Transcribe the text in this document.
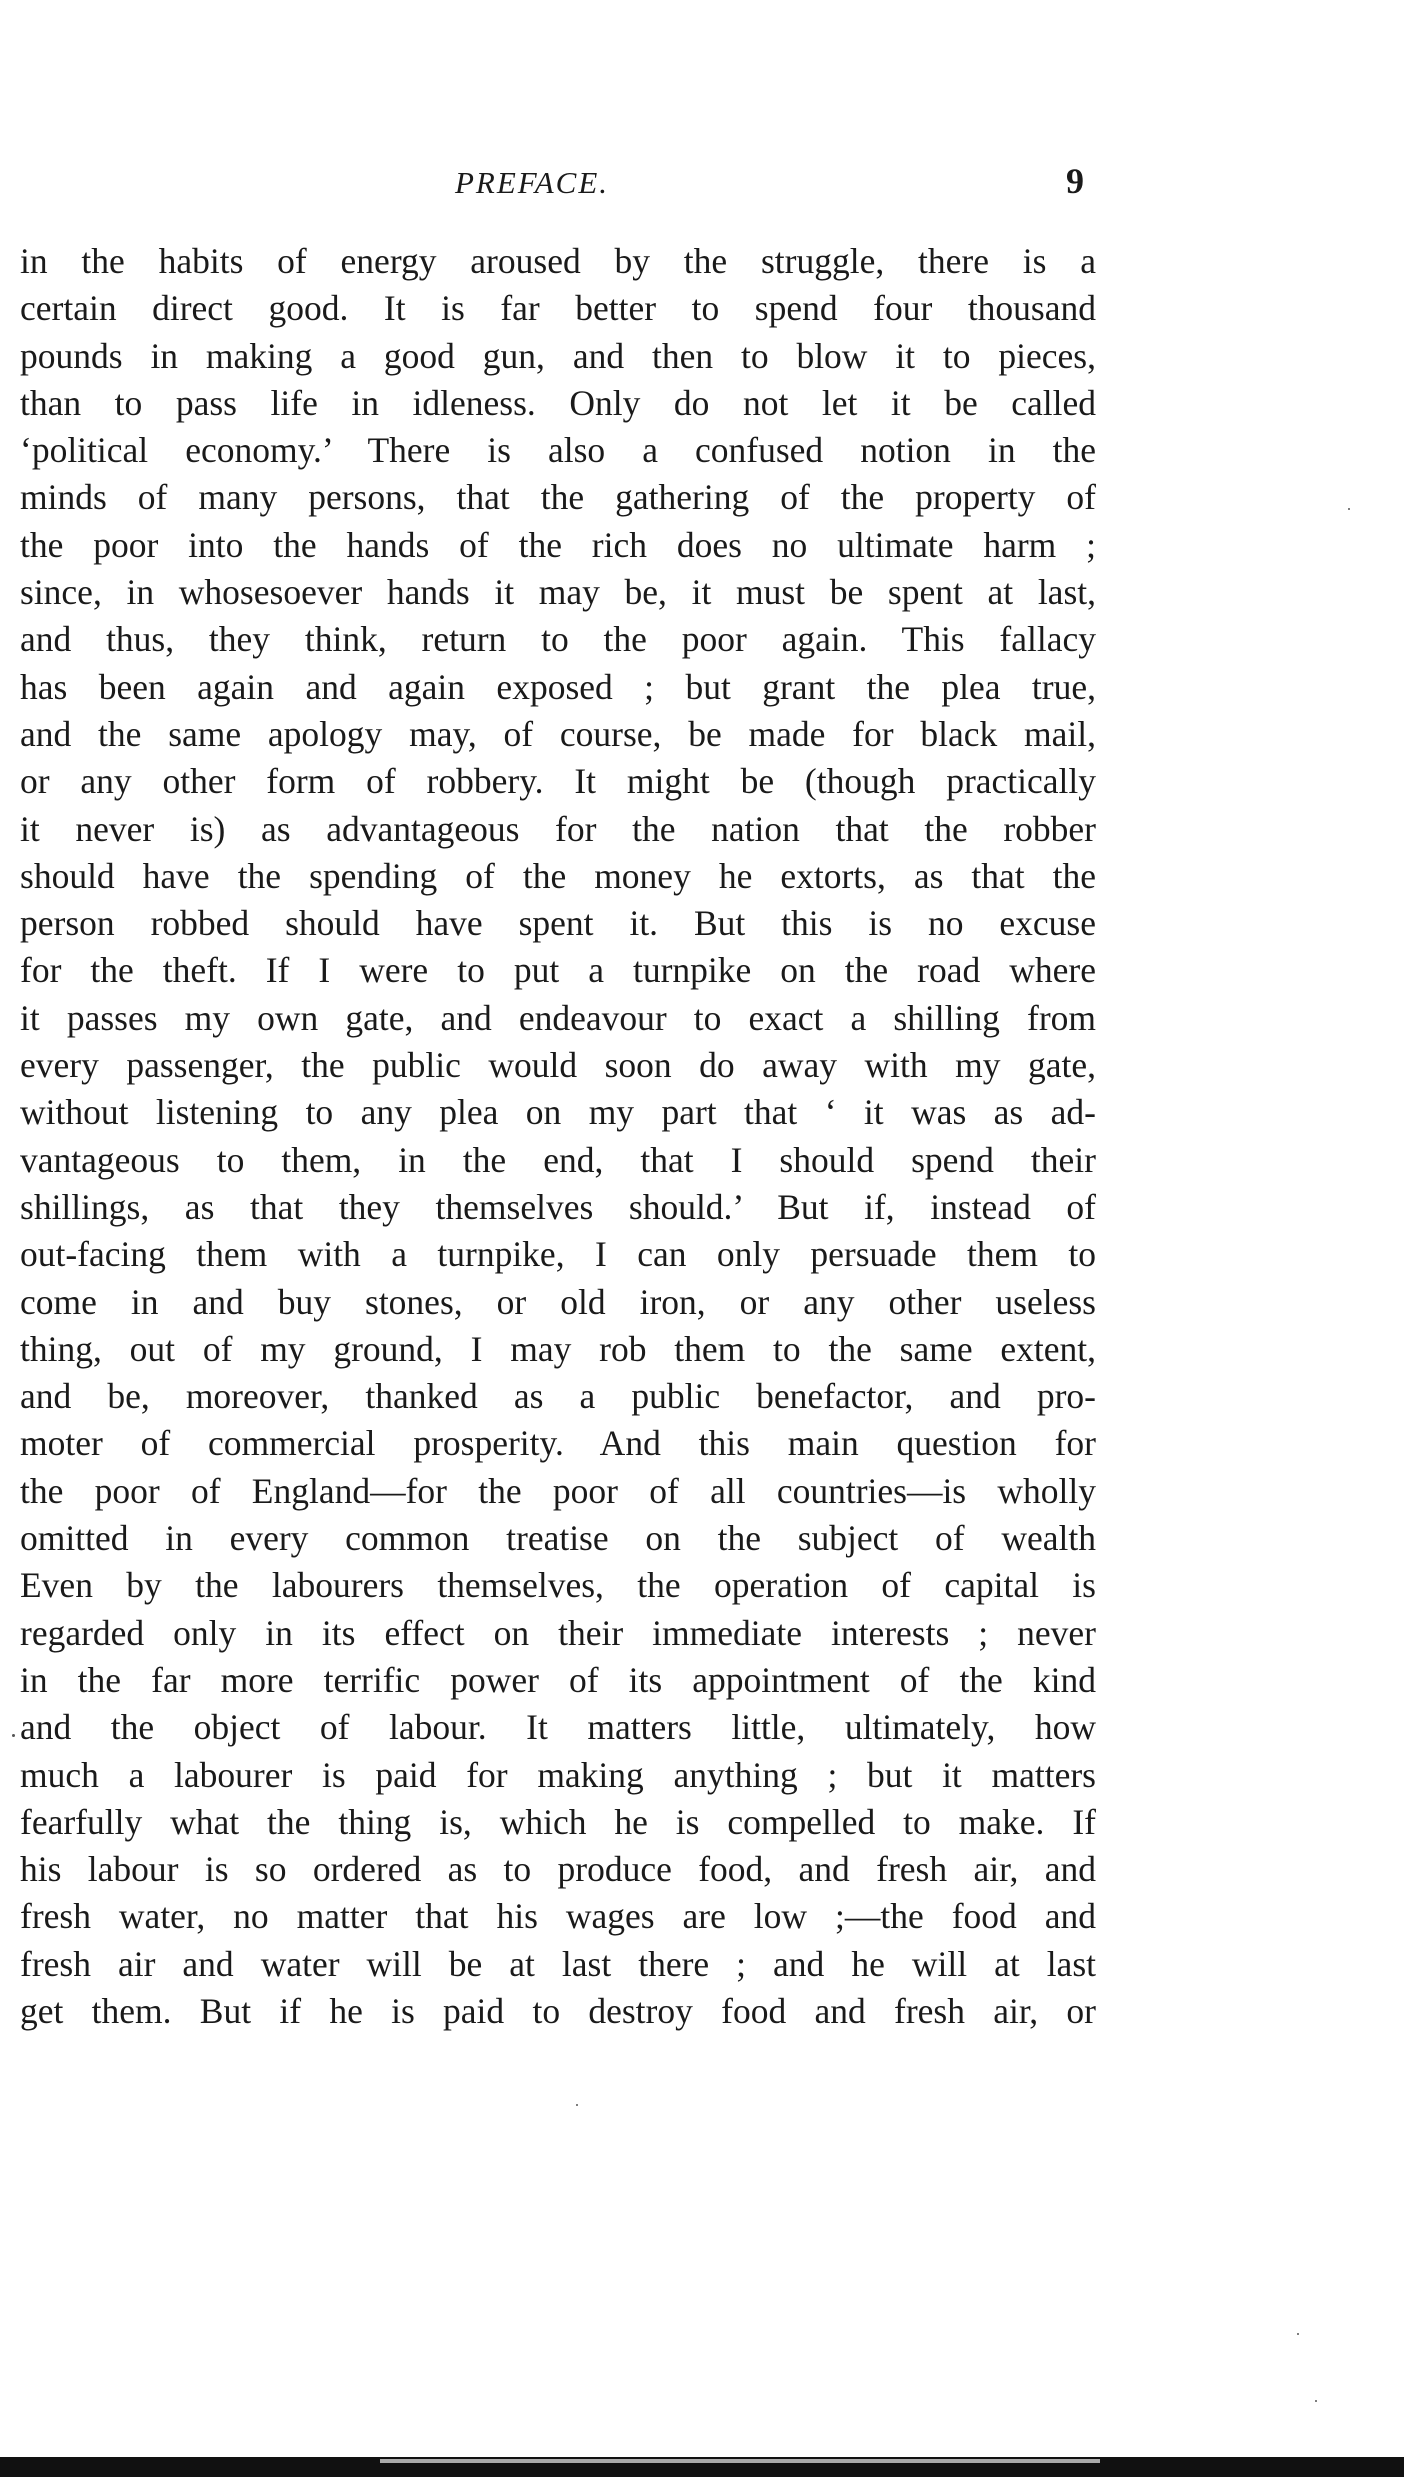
PREFACE.	9
in the habits of energy aroused by the struggle, there is a
certain direct good. It is far better to spend four thousand
pounds in making a good gun, and then to blow it to pieces,
than to pass life in idleness. Only do not let it be called
‘political economy.’ There is also a confused notion in the
minds of many persons, that the gathering of the property of
the poor into the hands of the rich does no ultimate harm ;
since, in whosesoever hands it may be, it must be spent at last,
and thus, they think, return to the poor again. This fallacy
has been again and again exposed ; but grant the plea true,
and the same apology may, of course, be made for black mail,
or any other form of robbery. It might be (though practically
it never is) as advantageous for the nation that the robber
should have the spending of the money he extorts, as that the
person robbed should have spent it. But this is no excuse
for the theft. If I were to put a turnpike on the road where
it passes my own gate, and endeavour to exact a shilling from
every passenger, the public would soon do away with my gate,
without listening to any plea on my part that ‘ it was as ad-
vantageous to them, in the end, that I should spend their
shillings, as that they themselves should.’ But if, instead of
out-facing them with a turnpike, I can only persuade them to
come in and buy stones, or old iron, or any other useless
thing, out of my ground, I may rob them to the same extent,
and be, moreover, thanked as a public benefactor, and pro-
moter of commercial prosperity. And this main question for
the poor of England—for the poor of all countries—is wholly
omitted in every common treatise on the subject of wealth
Even by the labourers themselves, the operation of capital is
regarded only in its effect on their immediate interests ; never
in the far more terrific power of its appointment of the kind
and the object of labour. It matters little, ultimately, how
much a labourer is paid for making anything ; but it matters
fearfully what the thing is, which he is compelled to make. If
his labour is so ordered as to produce food, and fresh air, and
fresh water, no matter that his wages are low ;—the food and
fresh air and water will be at last there ; and he will at last
get them. But if he is paid to destroy food and fresh air, or
